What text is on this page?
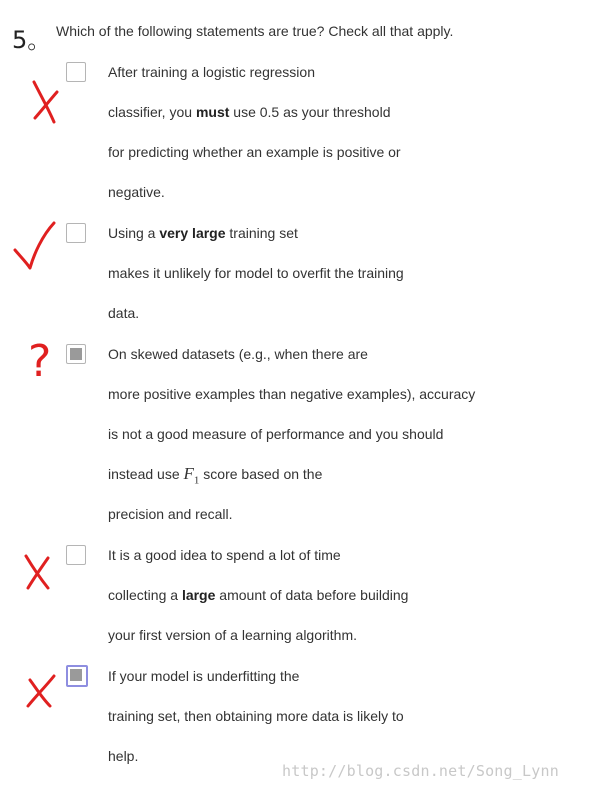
5。 Which of the following statements are true? Check all that apply.
After training a logistic regression
classifier, you must use 0.5 as your threshold
for predicting whether an example is positive or
negative.
Using a very large training set
makes it unlikely for model to overfit the training
data.
?	On skewed datasets (e.g., when there are
more positive examples than negative examples), accuracy
is not a good measure of performance and you should
instead use $F_1$ score based on the
precision and recall.
It is a good idea to spend a lot of time
collecting a large amount of data before building
your first version of a learning algorithm.
If your model is underfitting the
training set, then obtaining more data is likely to
help.
http://blog.csdn.net/Song_Lynn
